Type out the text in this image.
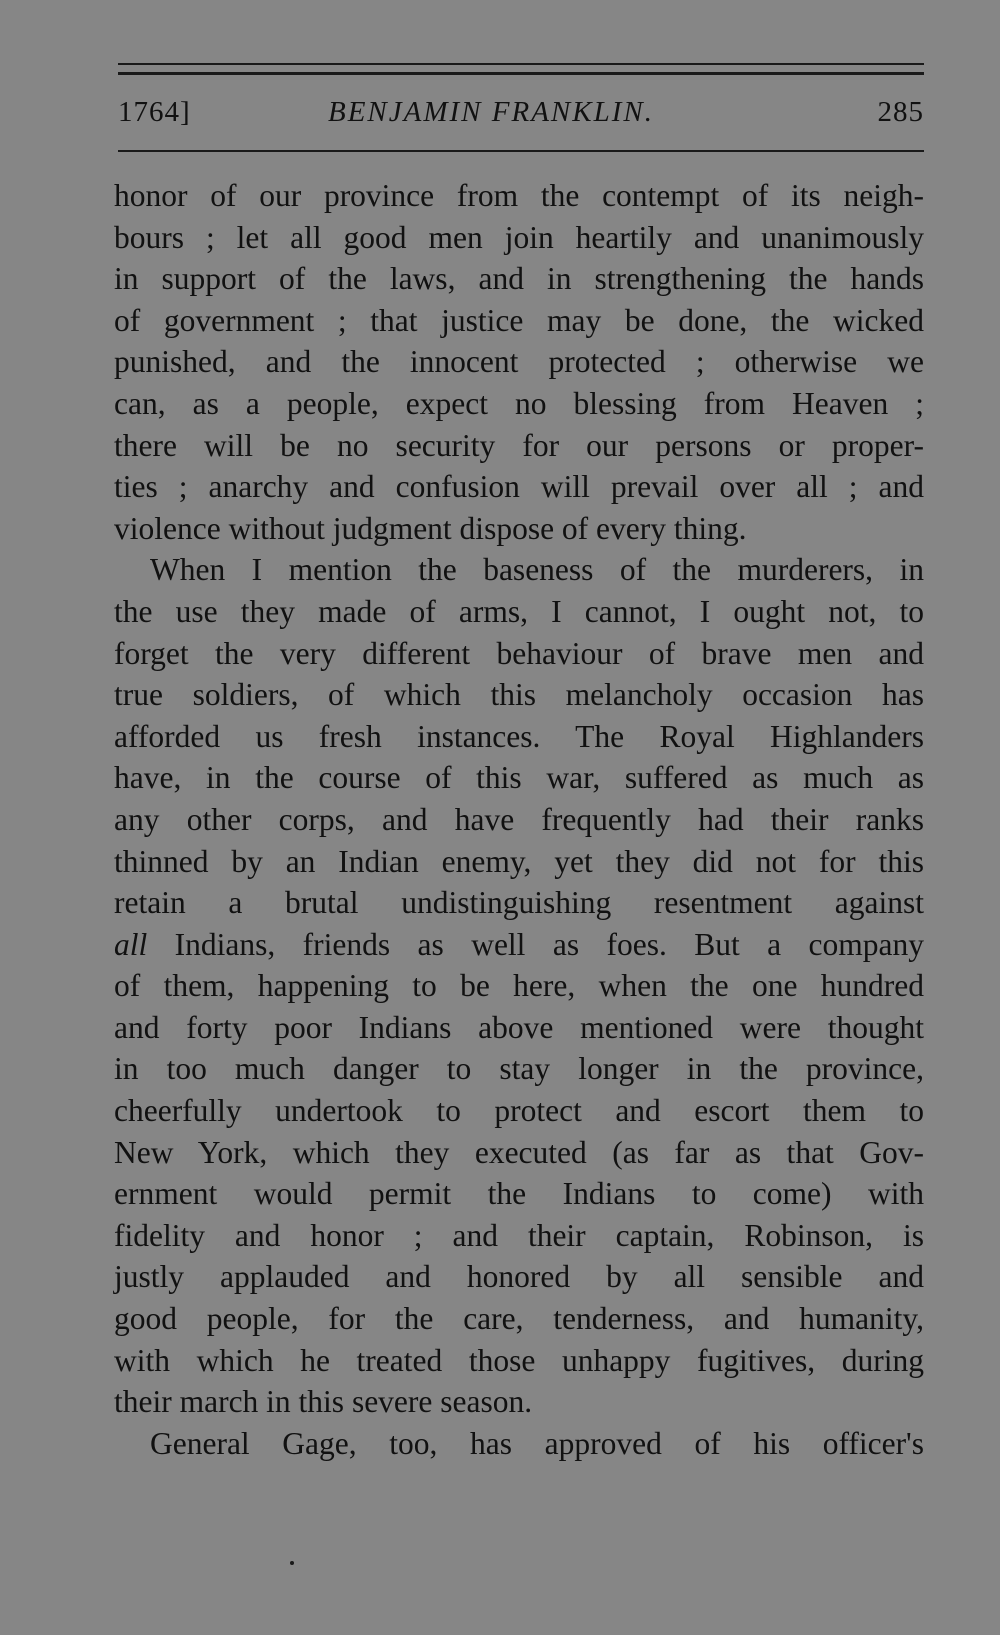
1764]	BENJAMIN FRANKLIN.	285
honor of our province from the contempt of its neigh-
bours ; let all good men join heartily and unanimously
in support of the laws, and in strengthening the hands
of government ; that justice may be done, the wicked
punished, and the innocent protected ; otherwise we
can, as a people, expect no blessing from Heaven ;
there will be no security for our persons or proper-
ties ; anarchy and confusion will prevail over all ; and
violence without judgment dispose of every thing.
When I mention the baseness of the murderers, in
the use they made of arms, I cannot, I ought not, to
forget the very different behaviour of brave men and
true soldiers, of which this melancholy occasion has
afforded us fresh instances. The Royal Highlanders
have, in the course of this war, suffered as much as
any other corps, and have frequently had their ranks
thinned by an Indian enemy, yet they did not for this
retain a brutal undistinguishing resentment against
all Indians, friends as well as foes. But a company
of them, happening to be here, when the one hundred
and forty poor Indians above mentioned were thought
in too much danger to stay longer in the province,
cheerfully undertook to protect and escort them to
New York, which they executed (as far as that Gov-
ernment would permit the Indians to come) with
fidelity and honor ; and their captain, Robinson, is
justly applauded and honored by all sensible and
good people, for the care, tenderness, and humanity,
with which he treated those unhappy fugitives, during
their march in this severe season.
General Gage, too, has approved of his officer's
